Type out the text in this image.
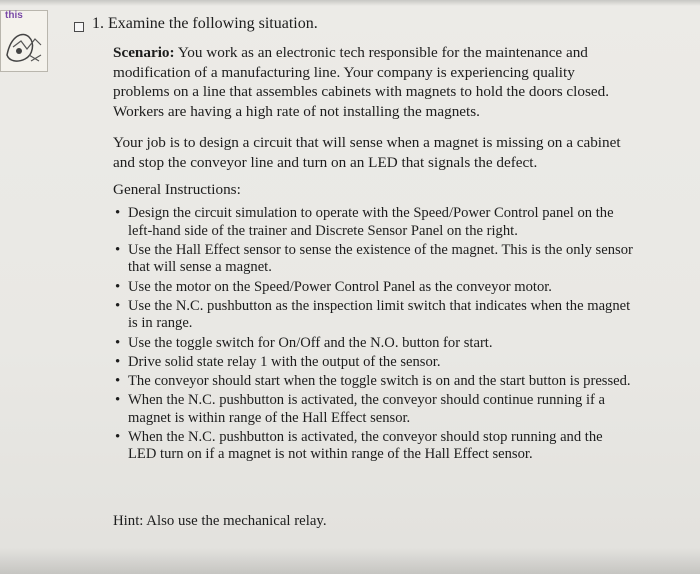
this	1. Examine the following situation.
Scenario: You work as an electronic tech responsible for the maintenance and modification of a manufacturing line. Your company is experiencing quality problems on a line that assembles cabinets with magnets to hold the doors closed. Workers are having a high rate of not installing the magnets.
Your job is to design a circuit that will sense when a magnet is missing on a cabinet and stop the conveyor line and turn on an LED that signals the defect.
General Instructions:
• Design the circuit simulation to operate with the Speed/Power Control panel on the left-hand side of the trainer and Discrete Sensor Panel on the right.
• Use the Hall Effect sensor to sense the existence of the magnet. This is the only sensor that will sense a magnet.
• Use the motor on the Speed/Power Control Panel as the conveyor motor.
• Use the N.C. pushbutton as the inspection limit switch that indicates when the magnet is in range.
• Use the toggle switch for On/Off and the N.O. button for start.
• Drive solid state relay 1 with the output of the sensor.
• The conveyor should start when the toggle switch is on and the start button is pressed.
• When the N.C. pushbutton is activated, the conveyor should continue running if a magnet is within range of the Hall Effect sensor.
• When the N.C. pushbutton is activated, the conveyor should stop running and the LED turn on if a magnet is not within range of the Hall Effect sensor.
Hint: Also use the mechanical relay.
